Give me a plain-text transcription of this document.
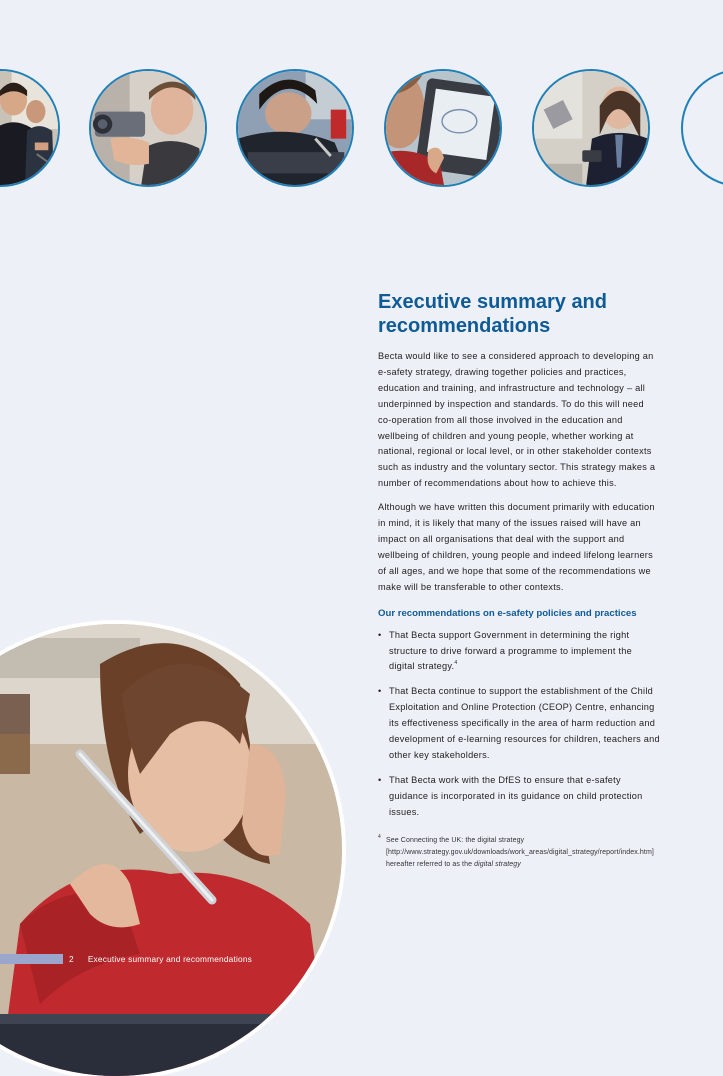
Executive summary and recommendations

Becta would like to see a considered approach to developing an e-safety strategy, drawing together policies and practices, education and training, and infrastructure and technology – all underpinned by inspection and standards. To do this will need co-operation from all those involved in the education and wellbeing of children and young people, whether working at national, regional or local level, or in other stakeholder contexts such as industry and the voluntary sector. This strategy makes a number of recommendations about how to achieve this.

Although we have written this document primarily with education in mind, it is likely that many of the issues raised will have an impact on all organisations that deal with the support and wellbeing of children, young people and indeed lifelong learners of all ages, and we hope that some of the recommendations we make will be transferable to other contexts.

Our recommendations on e-safety policies and practices
• That Becta support Government in determining the right structure to drive forward a programme to implement the digital strategy.$^4$
• That Becta continue to support the establishment of the Child Exploitation and Online Protection (CEOP) Centre, enhancing its effectiveness specifically in the area of harm reduction and development of e-learning resources for children, teachers and other key stakeholders.
• That Becta work with the DfES to ensure that e-safety guidance is incorporated in its guidance on child protection issues.
4 See Connecting the UK: the digital strategy [http://www.strategy.gov.uk/downloads/work_areas/digital_strategy/report/index.htm] hereafter referred to as the digital strategy
2 Executive summary and recommendations
